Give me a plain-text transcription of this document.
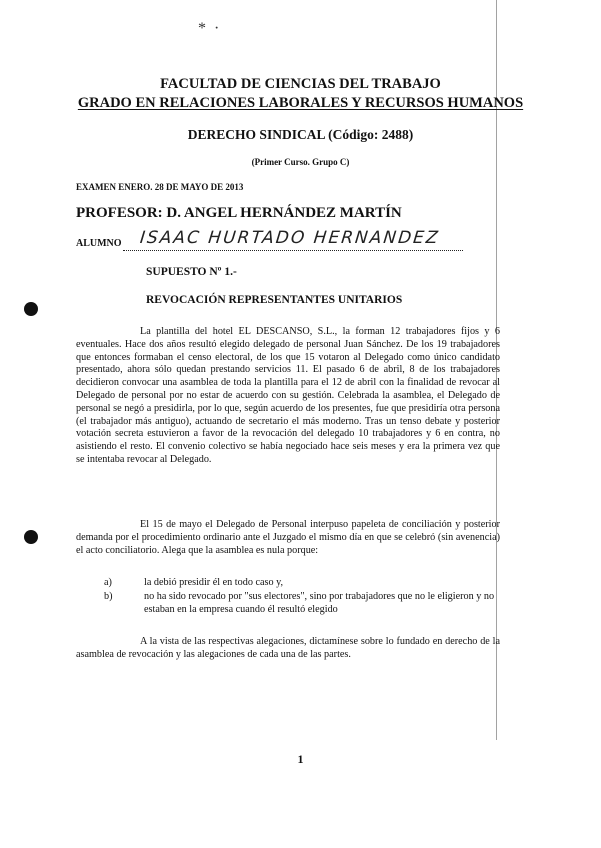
* ·
FACULTAD DE CIENCIAS DEL TRABAJO
GRADO EN RELACIONES LABORALES Y RECURSOS HUMANOS
DERECHO SINDICAL (Código: 2488)
(Primer Curso. Grupo C)
EXAMEN ENERO. 28 DE MAYO DE 2013
PROFESOR: D. ANGEL HERNÁNDEZ MARTÍN
ALUMNO ISAAC HURTADO HERNANDEZ
SUPUESTO Nº 1.-
REVOCACIÓN REPRESENTANTES UNITARIOS

La plantilla del hotel EL DESCANSO, S.L., la forman 12 trabajadores fijos y 6 eventuales. Hace dos años resultó elegido delegado de personal Juan Sánchez. De los 19 trabajadores que entonces formaban el censo electoral, de los que 15 votaron al Delegado como único candidato presentado, ahora sólo quedan prestando servicios 11. El pasado 6 de abril, 8 de los trabajadores decidieron convocar una asamblea de toda la plantilla para el 12 de abril con la finalidad de revocar al Delegado de personal por no estar de acuerdo con su gestión. Celebrada la asamblea, el Delegado de personal se negó a presidirla, por lo que, según acuerdo de los presentes, fue que presidiría otra persona (el trabajador más antiguo), actuando de secretario el más moderno. Tras un tenso debate y posterior votación secreta estuvieron a favor de la revocación del delegado 10 trabajadores y 6 en contra, no asistiendo el resto. El convenio colectivo se había negociado hace seis meses y era la primera vez que se intentaba revocar al Delegado.

El 15 de mayo el Delegado de Personal interpuso papeleta de conciliación y posterior demanda por el procedimiento ordinario ante el Juzgado el mismo día en que se celebró (sin avenencia) el acto conciliatorio. Alega que la asamblea es nula porque:

a)	la debió presidir él en todo caso y,
b)	no ha sido revocado por "sus electores", sino por trabajadores que no le eligieron y no estaban en la empresa cuando él resultó elegido

A la vista de las respectivas alegaciones, dictamínese sobre lo fundado en derecho de la asamblea de revocación y las alegaciones de cada una de las partes.

1
